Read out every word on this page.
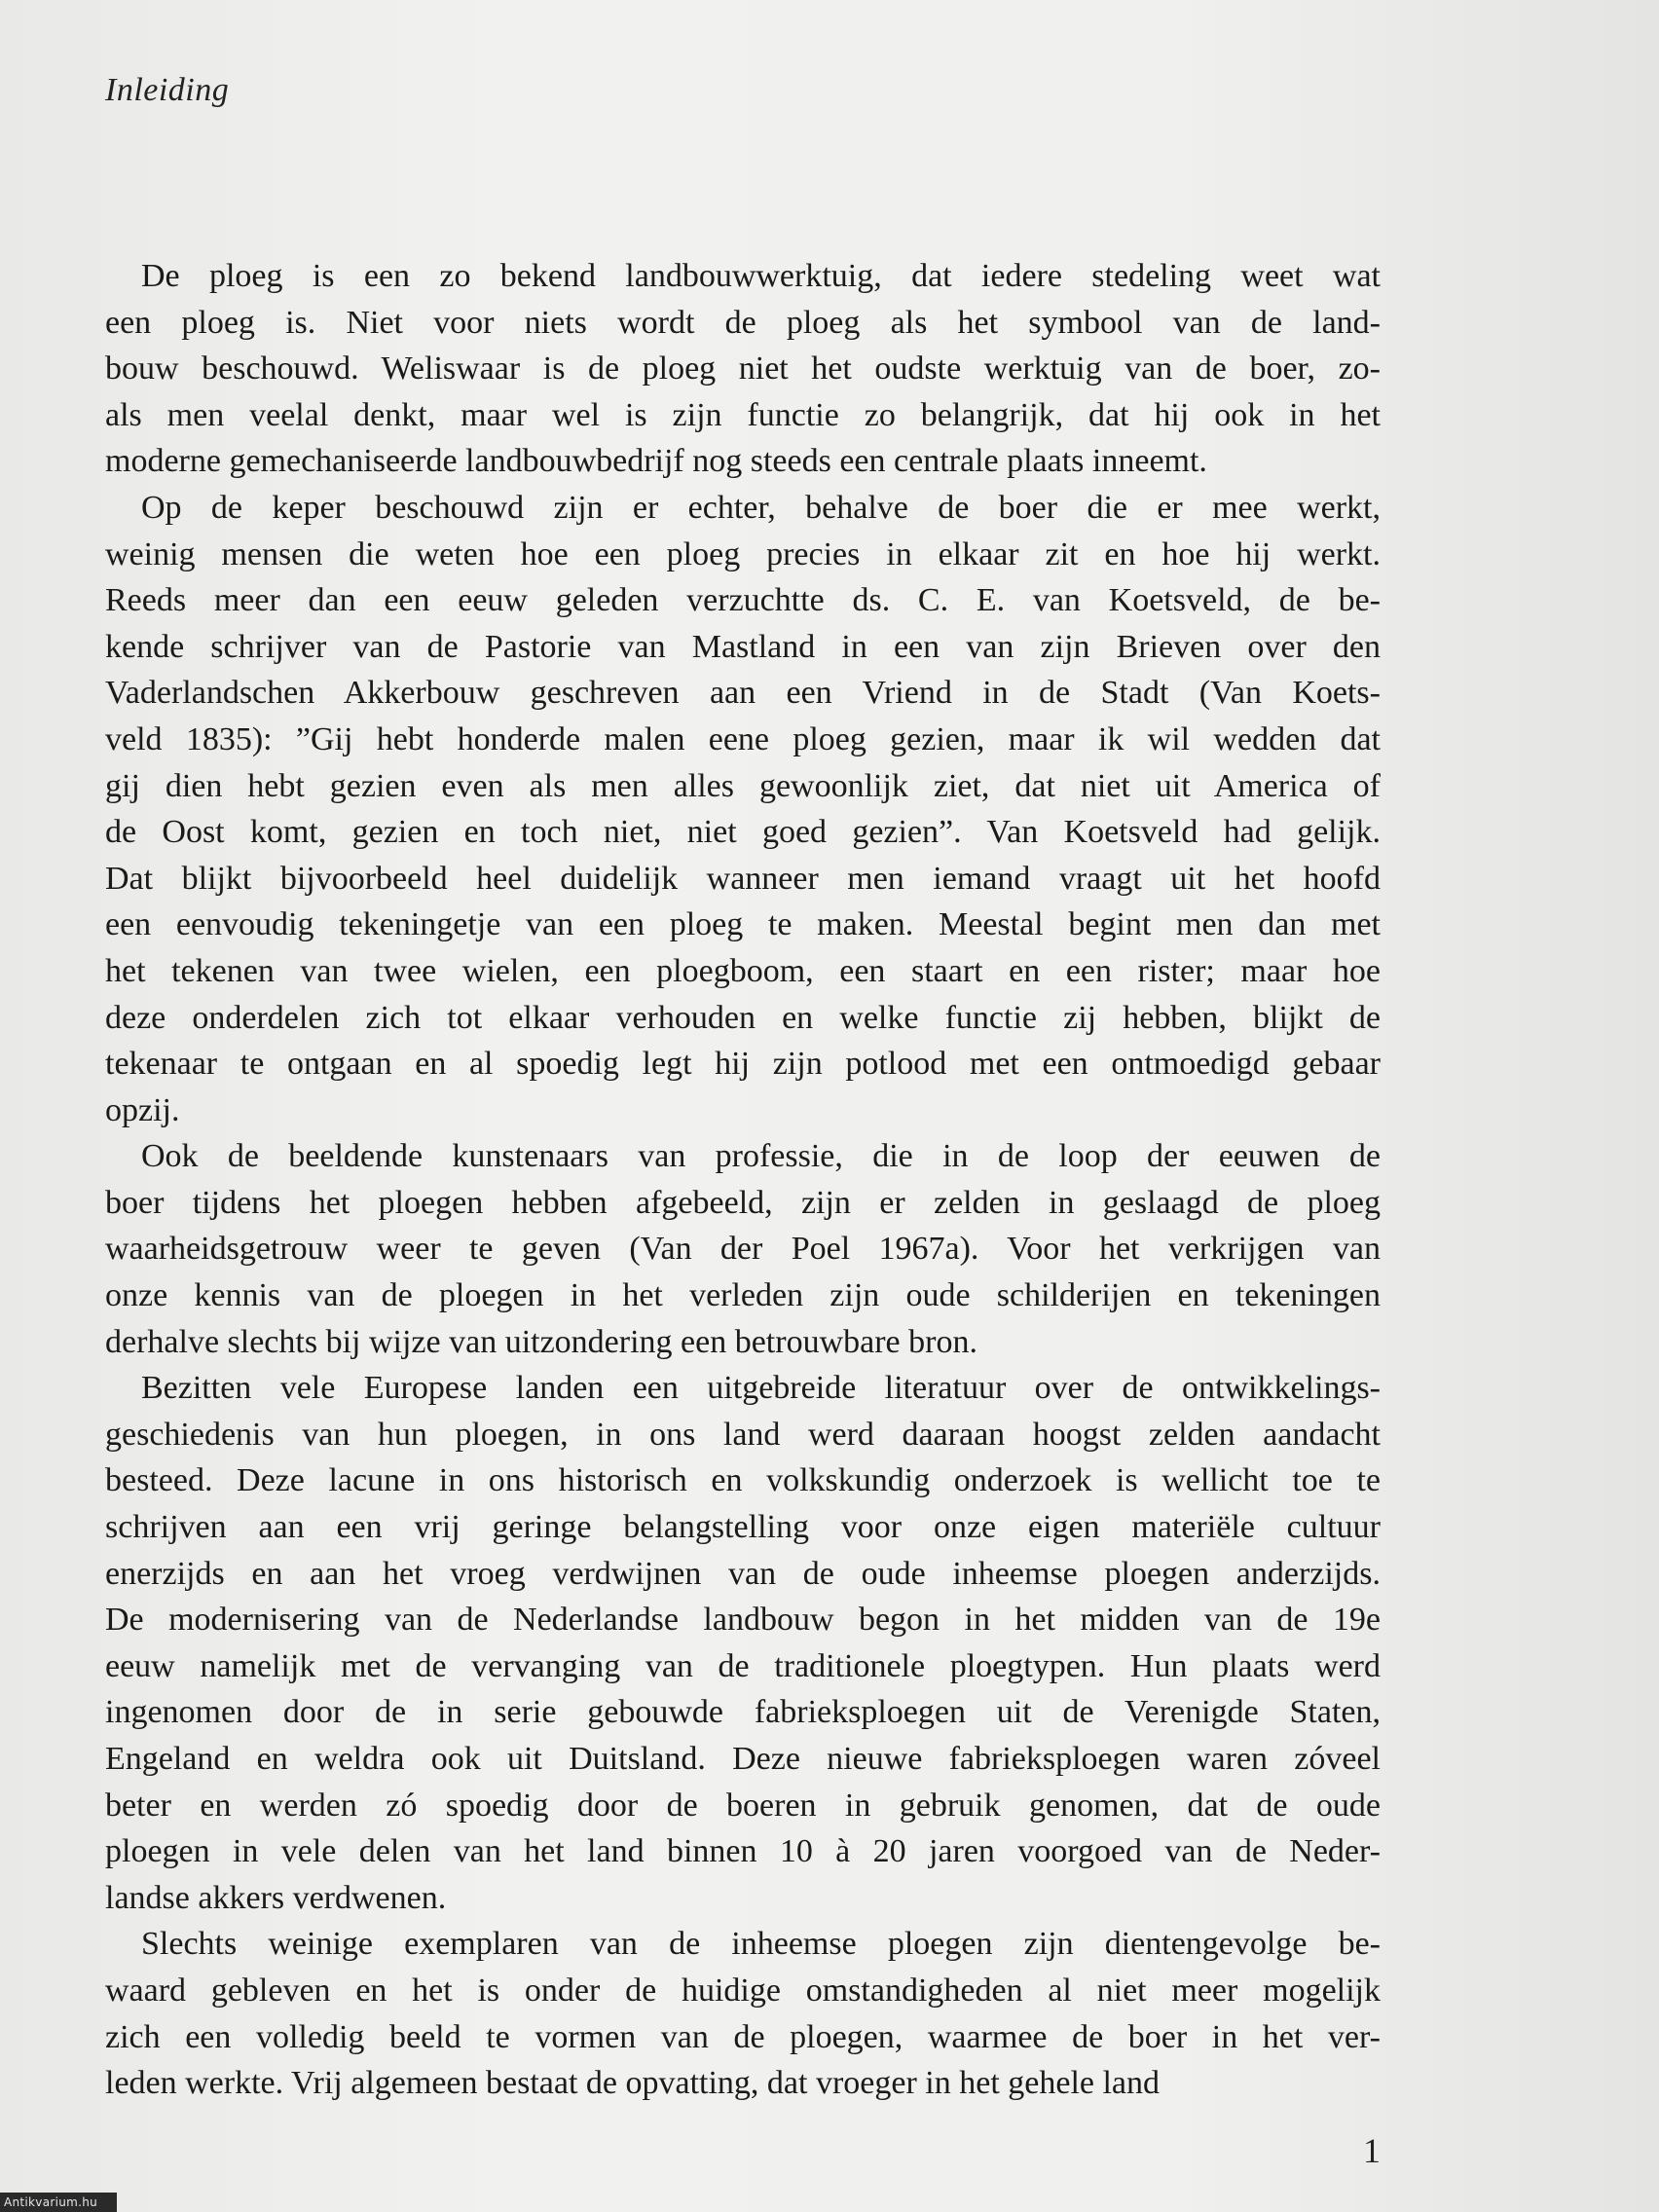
Inleiding
De ploeg is een zo bekend landbouwwerktuig, dat iedere stedeling weet wat
een ploeg is. Niet voor niets wordt de ploeg als het symbool van de land-
bouw beschouwd. Weliswaar is de ploeg niet het oudste werktuig van de boer, zo-
als men veelal denkt, maar wel is zijn functie zo belangrijk, dat hij ook in het
moderne gemechaniseerde landbouwbedrijf nog steeds een centrale plaats inneemt.
Op de keper beschouwd zijn er echter, behalve de boer die er mee werkt,
weinig mensen die weten hoe een ploeg precies in elkaar zit en hoe hij werkt.
Reeds meer dan een eeuw geleden verzuchtte ds. C. E. van Koetsveld, de be-
kende schrijver van de Pastorie van Mastland in een van zijn Brieven over den
Vaderlandschen Akkerbouw geschreven aan een Vriend in de Stadt (Van Koets-
veld 1835): ”Gij hebt honderde malen eene ploeg gezien, maar ik wil wedden dat
gij dien hebt gezien even als men alles gewoonlijk ziet, dat niet uit America of
de Oost komt, gezien en toch niet, niet goed gezien”. Van Koetsveld had gelijk.
Dat blijkt bijvoorbeeld heel duidelijk wanneer men iemand vraagt uit het hoofd
een eenvoudig tekeningetje van een ploeg te maken. Meestal begint men dan met
het tekenen van twee wielen, een ploegboom, een staart en een rister; maar hoe
deze onderdelen zich tot elkaar verhouden en welke functie zij hebben, blijkt de
tekenaar te ontgaan en al spoedig legt hij zijn potlood met een ontmoedigd gebaar
opzij.
Ook de beeldende kunstenaars van professie, die in de loop der eeuwen de
boer tijdens het ploegen hebben afgebeeld, zijn er zelden in geslaagd de ploeg
waarheidsgetrouw weer te geven (Van der Poel 1967a). Voor het verkrijgen van
onze kennis van de ploegen in het verleden zijn oude schilderijen en tekeningen
derhalve slechts bij wijze van uitzondering een betrouwbare bron.
Bezitten vele Europese landen een uitgebreide literatuur over de ontwikkelings-
geschiedenis van hun ploegen, in ons land werd daaraan hoogst zelden aandacht
besteed. Deze lacune in ons historisch en volkskundig onderzoek is wellicht toe te
schrijven aan een vrij geringe belangstelling voor onze eigen materiële cultuur
enerzijds en aan het vroeg verdwijnen van de oude inheemse ploegen anderzijds.
De modernisering van de Nederlandse landbouw begon in het midden van de 19e
eeuw namelijk met de vervanging van de traditionele ploegtypen. Hun plaats werd
ingenomen door de in serie gebouwde fabrieksploegen uit de Verenigde Staten,
Engeland en weldra ook uit Duitsland. Deze nieuwe fabrieksploegen waren zóveel
beter en werden zó spoedig door de boeren in gebruik genomen, dat de oude
ploegen in vele delen van het land binnen 10 à 20 jaren voorgoed van de Neder-
landse akkers verdwenen.
Slechts weinige exemplaren van de inheemse ploegen zijn dientengevolge be-
waard gebleven en het is onder de huidige omstandigheden al niet meer mogelijk
zich een volledig beeld te vormen van de ploegen, waarmee de boer in het ver-
leden werkte. Vrij algemeen bestaat de opvatting, dat vroeger in het gehele land
1
Antikvarium.hu
